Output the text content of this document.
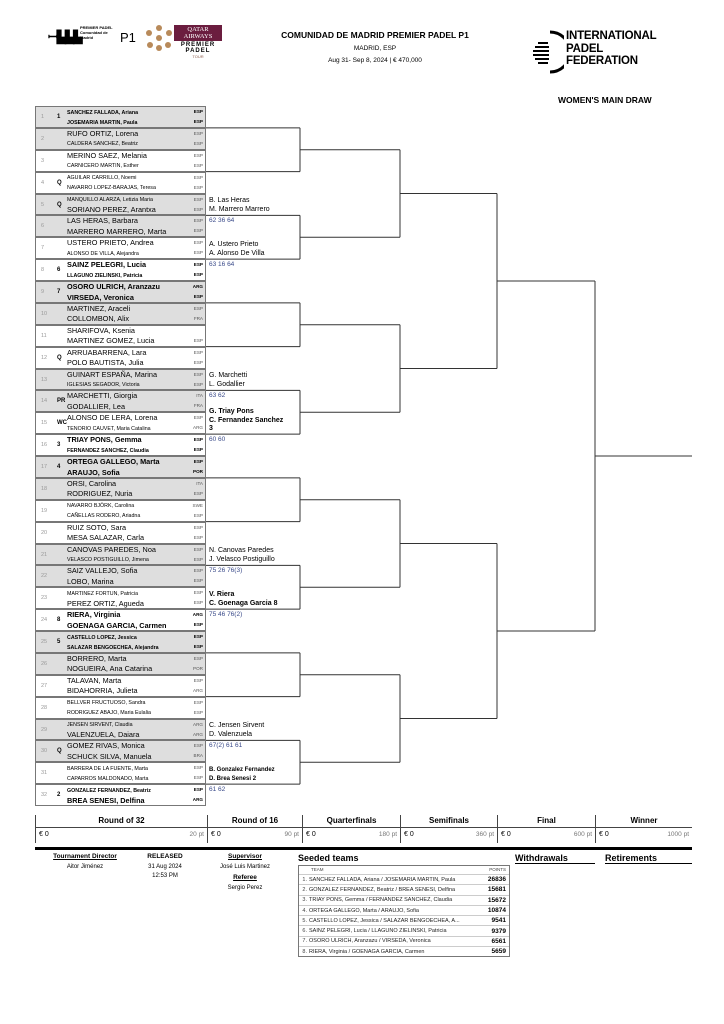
ꟷ▙▙▙
PREMIER PADEL
Comunidad de Madrid	P1
QATAR AIRWAYS
PREMIER PADEL
TOUR
COMUNIDAD DE MADRID PREMIER PADEL P1
MADRID, ESP
Aug 31- Sep 8, 2024 | € 470,000
INTERNATIONAL
PADEL
FEDERATION
WOMEN'S MAIN DRAW
1 1
SANCHEZ FALLADA, Ariana	ESP
JOSEMARIA MARTIN, Paula	ESP
2
RUFO ORTIZ, Lorena	ESP
CALDERA SANCHEZ, Beatriz	ESP
3
MERINO SAEZ, Melania	ESP
CARNICERO MARTIN, Esther	ESP
4 Q
AGUILAR CARRILLO, Noemi	ESP
NAVARRO LOPEZ-BARAJAS, Teresa	ESP
5 Q
MANQUILLO ALARZA, Letizia Maria	ESP
SORIANO PEREZ, Arantxa	ESP
6
LAS HERAS, Barbara	ESP
MARRERO MARRERO, Marta	ESP
7
USTERO PRIETO, Andrea	ESP
ALONSO DE VILLA, Alejandra	ESP
8 6
SAINZ PELEGRI, Lucia	ESP
LLAGUNO ZIELINSKI, Patricia	ESP
9 7
OSORO ULRICH, Aranzazu	ARG
VIRSEDA, Veronica	ESP
10
MARTINEZ, Araceli	ESP
COLLOMBON, Alix	FRA
11
SHARIFOVA, Ksenia
MARTINEZ GOMEZ, Lucia	ESP
12 Q
ARRUABARRENA, Lara	ESP
POLO BAUTISTA, Julia	ESP
13
GUINART ESPAÑA, Marina	ESP
IGLESIAS SEGADOR, Victoria	ESP
14 PR
MARCHETTI, Giorgia	ITA
GODALLIER, Lea	FRA
15 WC
ALONSO DE LERA, Lorena	ESP
TENORIO CAUVET, Maria Catalina	ARG
16 3
TRIAY PONS, Gemma	ESP
FERNANDEZ SANCHEZ, Claudia	ESP
17 4
ORTEGA GALLEGO, Marta	ESP
ARAUJO, Sofia	POR
18
ORSI, Carolina	ITA
RODRIGUEZ, Nuria	ESP
19
NAVARRO BJÖRK, Carolina	SWE
CAÑELLAS RODERO, Ariadna	ESP
20
RUIZ SOTO, Sara	ESP
MESA SALAZAR, Carla	ESP
21
CANOVAS PAREDES, Noa	ESP
VELASCO POSTIGUILLO, Jimena	ESP
22
SAIZ VALLEJO, Sofia	ESP
LOBO, Marina	ESP
23
MARTINEZ FORTUN, Patricia	ESP
PEREZ ORTIZ, Agueda	ESP
24 8
RIERA, Virginia	ARG
GOENAGA GARCIA, Carmen	ESP
25 5
CASTELLO LOPEZ, Jessica	ESP
SALAZAR BENGOECHEA, Alejandra	ESP
26
BORRERO, Marta	ESP
NOGUEIRA, Ana Catarina	POR
27
TALAVAN, Marta	ESP
BIDAHORRIA, Julieta	ARG
28
BELLVER FRUCTUOSO, Sandra	ESP
RODRIGUEZ ABAJO, Maria Eulalia	ESP
29
JENSEN SIRVENT, Claudia	ARG
VALENZUELA, Daiara	ARG
30 Q
GOMEZ RIVAS, Monica	ESP
SCHUCK SILVA, Manuela	BRA
31
BARRERA DE LA FUENTE, Marta	ESP
CAPARROS MALDONADO, Marta	ESP
32 2
GONZALEZ FERNANDEZ, Beatriz	ESP
BREA SENESI, Delfina	ARG
B. Las Heras
M. Marrero Marrero
62 36 64
A. Ustero Prieto
A. Alonso De Villa
63 16 64
G. Marchetti
L. Godallier
63 62
G. Triay Pons
C. Fernandez Sanchez
3
60 60
N. Canovas Paredes
J. Velasco Postiguillo
75 26 76(3)
V. Riera
C. Goenaga Garcia 8
75 46 76(2)
C. Jensen Sirvent
D. Valenzuela
67(2) 61 61
B. Gonzalez Fernandez
D. Brea Senesi 2
61 62
Round of 32
€ 0	20 pt
Round of 16
€ 0	90 pt
Quarterfinals
€ 0	180 pt
Semifinals
€ 0	360 pt
Final
€ 0	600 pt
Winner
€ 0	1000 pt
Tournament Director
Aitor Jiménez
RELEASED
31 Aug 2024
12:53 PM
Supervisor
José Luis Martinez
Referee
Sergio Perez
Seeded teams
TEAM	POINTS
1. SANCHEZ FALLADA, Ariana / JOSEMARIA MARTIN, Paula	26836
2. GONZALEZ FERNANDEZ, Beatriz / BREA SENESI, Delfina	15681
3. TRIAY PONS, Gemma / FERNANDEZ SANCHEZ, Claudia	15672
4. ORTEGA GALLEGO, Marta / ARAUJO, Sofia	10874
5. CASTELLO LOPEZ, Jessica / SALAZAR BENGOECHEA, A...	9541
6. SAINZ PELEGRI, Lucia / LLAGUNO ZIELINSKI, Patricia	9379
7. OSORO ULRICH, Aranzazu / VIRSEDA, Veronica	6561
8. RIERA, Virginia / GOENAGA GARCIA, Carmen	5659
Withdrawals	Retirements
